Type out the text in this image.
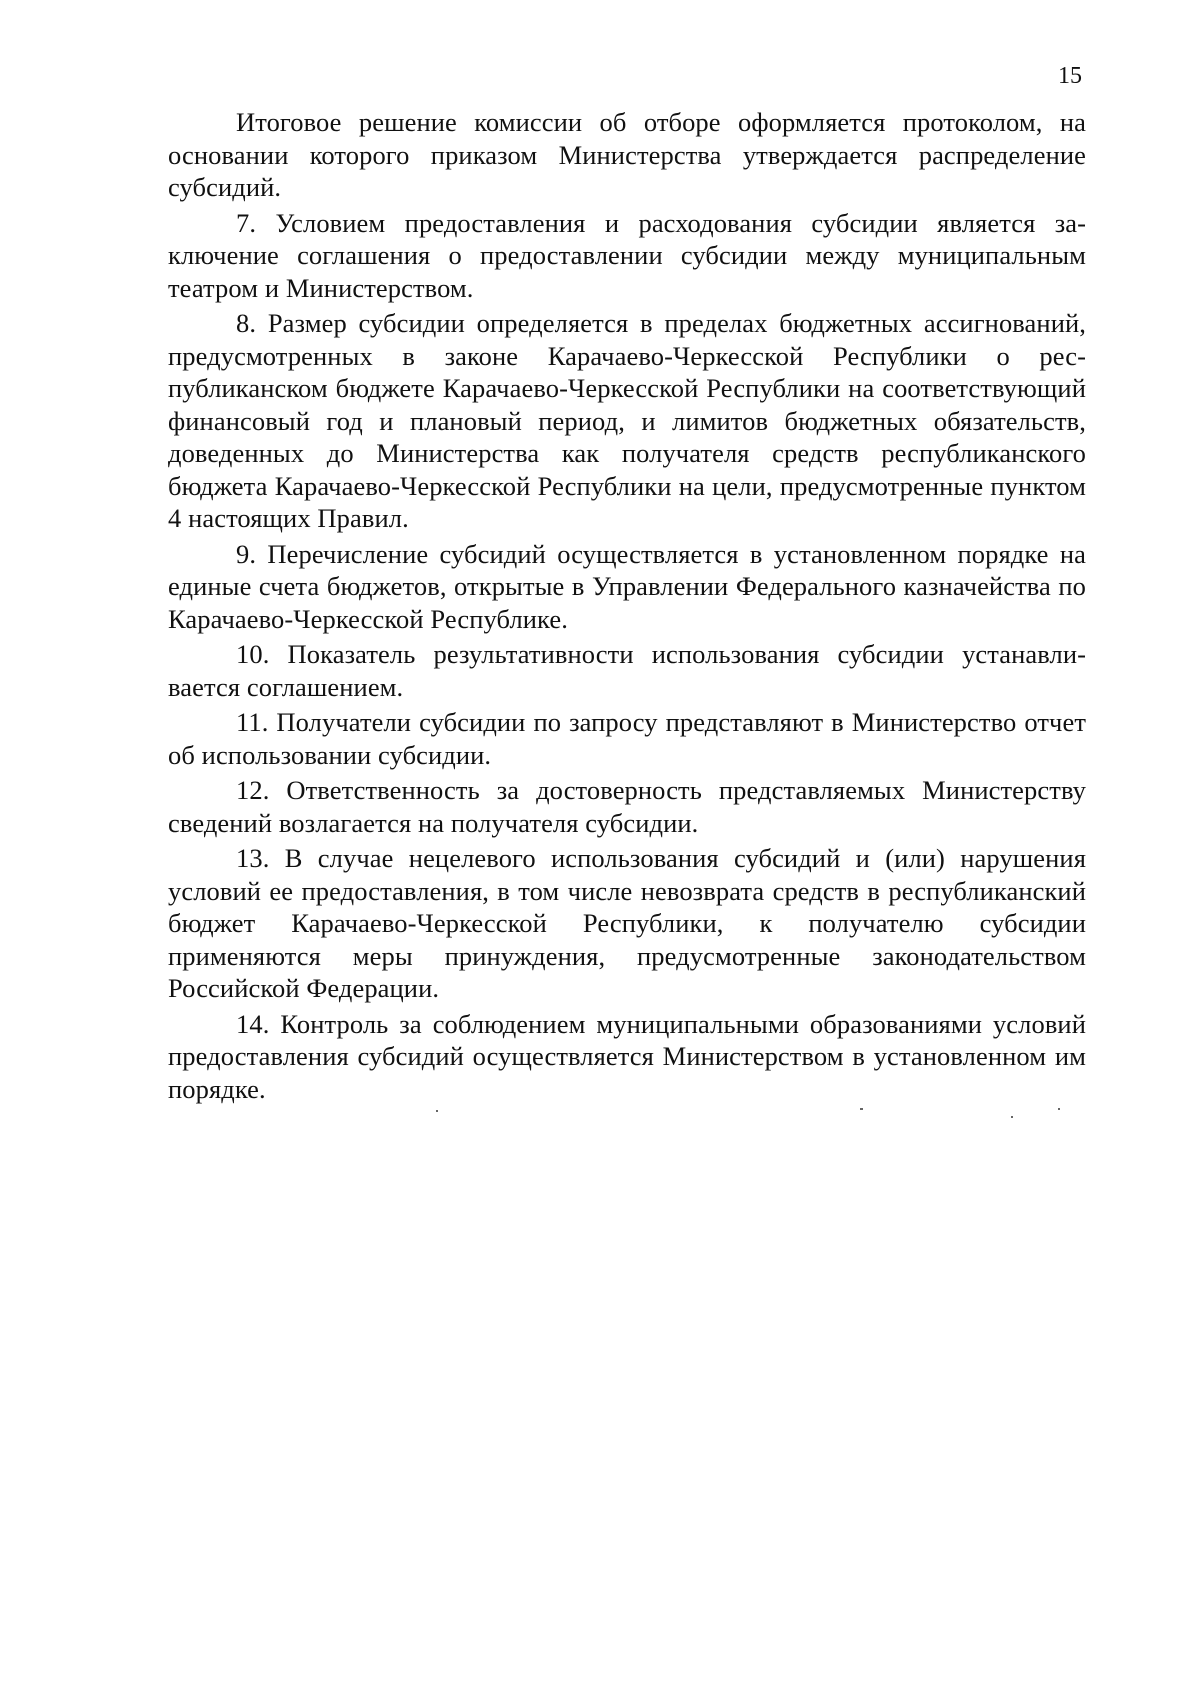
15

Итоговое решение комиссии об отборе оформляется протоколом, на основании которого приказом Министерства утверждается распределение субсидий.

7. Условием предоставления и расходования субсидии является заключение соглашения о предоставлении субсидии между муниципальным театром и Министерством.

8. Размер субсидии определяется в пределах бюджетных ассигнований, предусмотренных в законе Карачаево-Черкесской Республики о республиканском бюджете Карачаево-Черкесской Республики на соответствующий финансовый год и плановый период, и лимитов бюджетных обязательств, доведенных до Министерства как получателя средств республиканского бюджета Карачаево-Черкесской Республики на цели, предусмотренные пунктом 4 настоящих Правил.

9. Перечисление субсидий осуществляется в установленном порядке на единые счета бюджетов, открытые в Управлении Федерального казначейства по Карачаево-Черкесской Республике.

10. Показатель результативности использования субсидии устанавливается соглашением.

11. Получатели субсидии по запросу представляют в Министерство отчет об использовании субсидии.

12. Ответственность за достоверность представляемых Министерству сведений возлагается на получателя субсидии.

13. В случае нецелевого использования субсидий и (или) нарушения условий ее предоставления, в том числе невозврата средств в республиканский бюджет Карачаево-Черкесской Республики, к получателю субсидии применяются меры принуждения, предусмотренные законодательством Российской Федерации.

14. Контроль за соблюдением муниципальными образованиями условий предоставления субсидий осуществляется Министерством в установленном им порядке.
